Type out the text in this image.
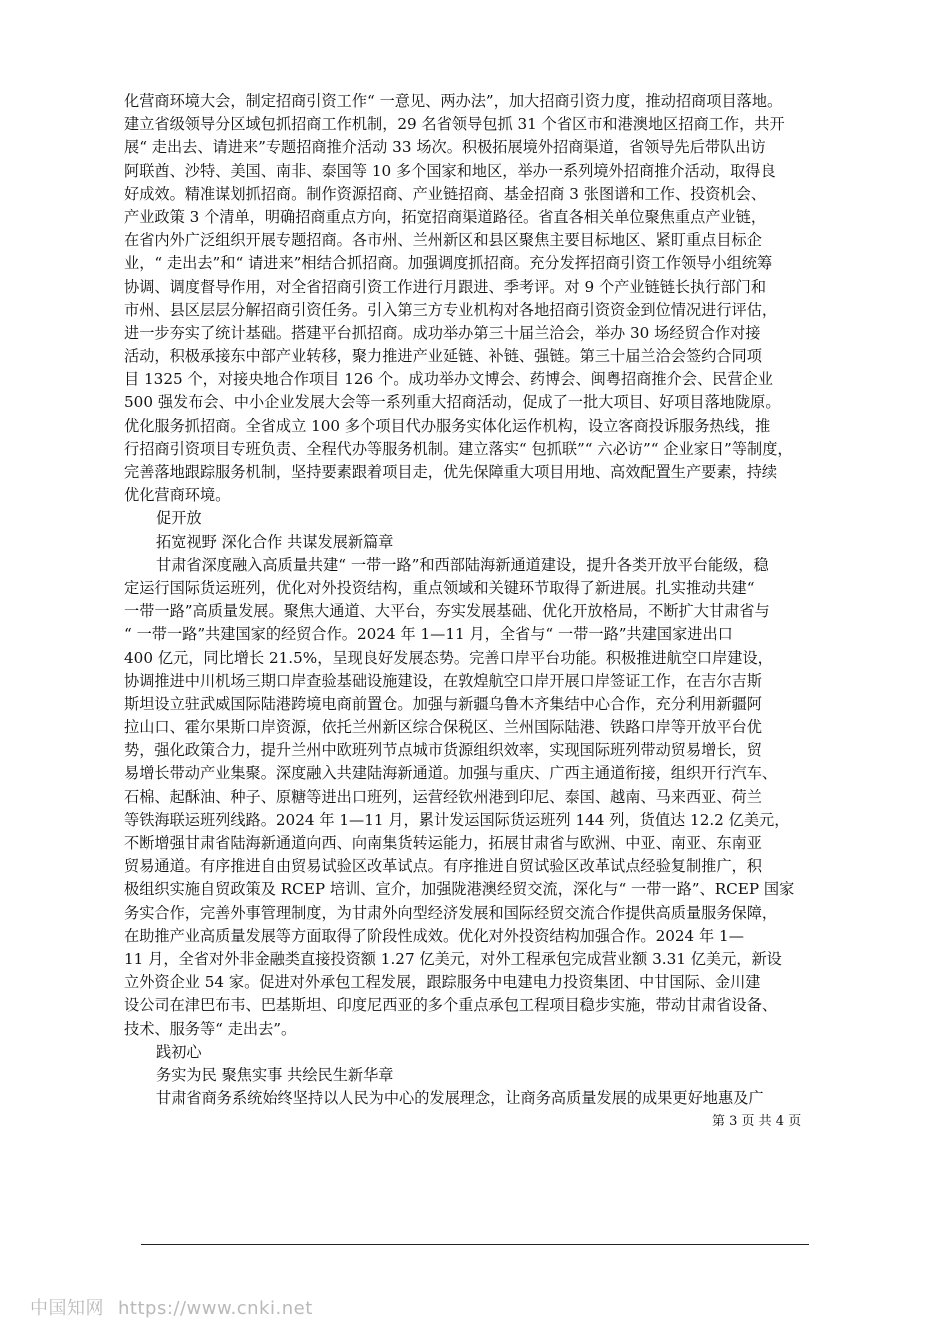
化营商环境大会，制定招商引资工作“ 一意见、两办法”，加大招商引资力度，推动招商项目落地。
建立省级领导分区域包抓招商工作机制，29 名省领导包抓 31 个省区市和港澳地区招商工作，共开
展“ 走出去、请进来”专题招商推介活动 33 场次。积极拓展境外招商渠道，省领导先后带队出访
阿联酋、沙特、美国、南非、泰国等 10 多个国家和地区，举办一系列境外招商推介活动，取得良
好成效。精准谋划抓招商。制作资源招商、产业链招商、基金招商 3 张图谱和工作、投资机会、
产业政策 3 个清单，明确招商重点方向，拓宽招商渠道路径。省直各相关单位聚焦重点产业链，
在省内外广泛组织开展专题招商。各市州、兰州新区和县区聚焦主要目标地区、紧盯重点目标企
业，“ 走出去”和“ 请进来”相结合抓招商。加强调度抓招商。充分发挥招商引资工作领导小组统筹
协调、调度督导作用，对全省招商引资工作进行月跟进、季考评。对 9 个产业链链长执行部门和
市州、县区层层分解招商引资任务。引入第三方专业机构对各地招商引资资金到位情况进行评估，
进一步夯实了统计基础。搭建平台抓招商。成功举办第三十届兰洽会，举办 30 场经贸合作对接
活动，积极承接东中部产业转移，聚力推进产业延链、补链、强链。第三十届兰洽会签约合同项
目 1325 个，对接央地合作项目 126 个。成功举办文博会、药博会、闽粤招商推介会、民营企业
500 强发布会、中小企业发展大会等一系列重大招商活动，促成了一批大项目、好项目落地陇原。
优化服务抓招商。全省成立 100 多个项目代办服务实体化运作机构，设立客商投诉服务热线，推
行招商引资项目专班负责、全程代办等服务机制。建立落实“ 包抓联”“ 六必访”“ 企业家日”等制度，
完善落地跟踪服务机制，坚持要素跟着项目走，优先保障重大项目用地、高效配置生产要素，持续
优化营商环境。
促开放
拓宽视野 深化合作 共谋发展新篇章
甘肃省深度融入高质量共建“ 一带一路”和西部陆海新通道建设，提升各类开放平台能级，稳
定运行国际货运班列，优化对外投资结构，重点领域和关键环节取得了新进展。扎实推动共建“
一带一路”高质量发展。聚焦大通道、大平台，夯实发展基础、优化开放格局，不断扩大甘肃省与
“ 一带一路”共建国家的经贸合作。2024 年 1—11 月，全省与“ 一带一路”共建国家进出口
400 亿元，同比增长 21.5%，呈现良好发展态势。完善口岸平台功能。积极推进航空口岸建设，
协调推进中川机场三期口岸查验基础设施建设，在敦煌航空口岸开展口岸签证工作，在吉尔吉斯
斯坦设立驻武威国际陆港跨境电商前置仓。加强与新疆乌鲁木齐集结中心合作，充分利用新疆阿
拉山口、霍尔果斯口岸资源，依托兰州新区综合保税区、兰州国际陆港、铁路口岸等开放平台优
势，强化政策合力，提升兰州中欧班列节点城市货源组织效率，实现国际班列带动贸易增长，贸
易增长带动产业集聚。深度融入共建陆海新通道。加强与重庆、广西主通道衔接，组织开行汽车、
石棉、起酥油、种子、原糖等进出口班列，运营经钦州港到印尼、泰国、越南、马来西亚、荷兰
等铁海联运班列线路。2024 年 1—11 月，累计发运国际货运班列 144 列，货值达 12.2 亿美元，
不断增强甘肃省陆海新通道向西、向南集货转运能力，拓展甘肃省与欧洲、中亚、南亚、东南亚
贸易通道。有序推进自由贸易试验区改革试点。有序推进自贸试验区改革试点经验复制推广，积
极组织实施自贸政策及 RCEP 培训、宣介，加强陇港澳经贸交流，深化与“ 一带一路”、RCEP 国家
务实合作，完善外事管理制度，为甘肃外向型经济发展和国际经贸交流合作提供高质量服务保障，
在助推产业高质量发展等方面取得了阶段性成效。优化对外投资结构加强合作。2024 年 1—
11 月，全省对外非金融类直接投资额 1.27 亿美元，对外工程承包完成营业额 3.31 亿美元，新设
立外资企业 54 家。促进对外承包工程发展，跟踪服务中电建电力投资集团、中甘国际、金川建
设公司在津巴布韦、巴基斯坦、印度尼西亚的多个重点承包工程项目稳步实施，带动甘肃省设备、
技术、服务等“ 走出去”。
践初心
务实为民 聚焦实事 共绘民生新华章
甘肃省商务系统始终坚持以人民为中心的发展理念，让商务高质量发展的成果更好地惠及广
第 3 页 共 4 页
中国知网 https://www.cnki.net
